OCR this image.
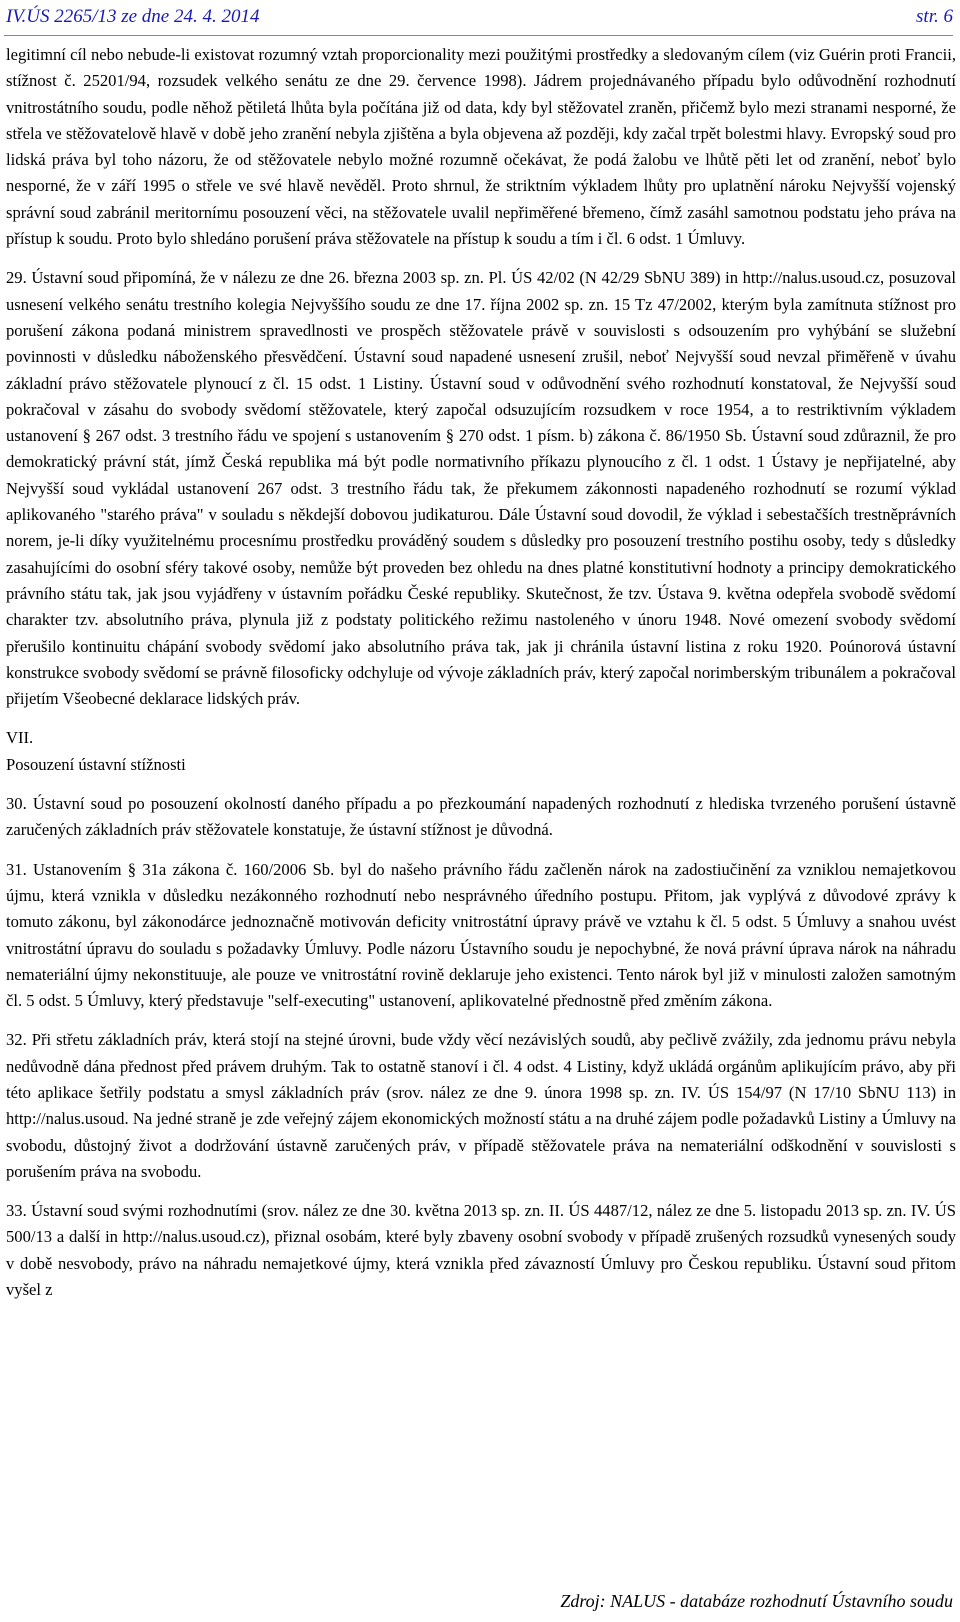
IV.ÚS 2265/13 ze dne 24. 4. 2014	str. 6

legitimní cíl nebo nebude-li existovat rozumný vztah proporcionality mezi použitými prostředky a sledovaným cílem (viz Guérin proti Francii, stížnost č. 25201/94, rozsudek velkého senátu ze dne 29. července 1998). Jádrem projednávaného případu bylo odůvodnění rozhodnutí vnitrostátního soudu, podle něhož pětiletá lhůta byla počítána již od data, kdy byl stěžovatel zraněn, přičemž bylo mezi stranami nesporné, že střela ve stěžovatelově hlavě v době jeho zranění nebyla zjištěna a byla objevena až později, kdy začal trpět bolestmi hlavy. Evropský soud pro lidská práva byl toho názoru, že od stěžovatele nebylo možné rozumně očekávat, že podá žalobu ve lhůtě pěti let od zranění, neboť bylo nesporné, že v září 1995 o střele ve své hlavě nevěděl. Proto shrnul, že striktním výkladem lhůty pro uplatnění nároku Nejvyšší vojenský správní soud zabránil meritornímu posouzení věci, na stěžovatele uvalil nepřiměřené břemeno, čímž zasáhl samotnou podstatu jeho práva na přístup k soudu. Proto bylo shledáno porušení práva stěžovatele na přístup k soudu a tím i čl. 6 odst. 1 Úmluvy.

29. Ústavní soud připomíná, že v nálezu ze dne 26. března 2003 sp. zn. Pl. ÚS 42/02 (N 42/29 SbNU 389) in http://nalus.usoud.cz, posuzoval usnesení velkého senátu trestního kolegia Nejvyššího soudu ze dne 17. října 2002 sp. zn. 15 Tz 47/2002, kterým byla zamítnuta stížnost pro porušení zákona podaná ministrem spravedlnosti ve prospěch stěžovatele právě v souvislosti s odsouzením pro vyhýbání se služební povinnosti v důsledku náboženského přesvědčení. Ústavní soud napadené usnesení zrušil, neboť Nejvyšší soud nevzal přiměřeně v úvahu základní právo stěžovatele plynoucí z čl. 15 odst. 1 Listiny. Ústavní soud v odůvodnění svého rozhodnutí konstatoval, že Nejvyšší soud pokračoval v zásahu do svobody svědomí stěžovatele, který započal odsuzujícím rozsudkem v roce 1954, a to restriktivním výkladem ustanovení § 267 odst. 3 trestního řádu ve spojení s ustanovením § 270 odst. 1 písm. b) zákona č. 86/1950 Sb. Ústavní soud zdůraznil, že pro demokratický právní stát, jímž Česká republika má být podle normativního příkazu plynoucího z čl. 1 odst. 1 Ústavy je nepřijatelné, aby Nejvyšší soud vykládal ustanovení 267 odst. 3 trestního řádu tak, že překumem zákonnosti napadeného rozhodnutí se rozumí výklad aplikovaného "starého práva" v souladu s někdejší dobovou judikaturou. Dále Ústavní soud dovodil, že výklad i sebestačších trestněprávních norem, je-li díky využitelnému procesnímu prostředku prováděný soudem s důsledky pro posouzení trestního postihu osoby, tedy s důsledky zasahujícími do osobní sféry takové osoby, nemůže být proveden bez ohledu na dnes platné konstitutivní hodnoty a principy demokratického právního státu tak, jak jsou vyjádřeny v ústavním pořádku České republiky. Skutečnost, že tzv. Ústava 9. května odepřela svobodě svědomí charakter tzv. absolutního práva, plynula již z podstaty politického režimu nastoleného v únoru 1948. Nové omezení svobody svědomí přerušilo kontinuitu chápání svobody svědomí jako absolutního práva tak, jak ji chránila ústavní listina z roku 1920. Poúnorová ústavní konstrukce svobody svědomí se právně filosoficky odchyluje od vývoje základních práv, který započal norimberským tribunálem a pokračoval přijetím Všeobecné deklarace lidských práv.

VII.

Posouzení ústavní stížnosti

30. Ústavní soud po posouzení okolností daného případu a po přezkoumání napadených rozhodnutí z hlediska tvrzeného porušení ústavně zaručených základních práv stěžovatele konstatuje, že ústavní stížnost je důvodná.

31. Ustanovením § 31a zákona č. 160/2006 Sb. byl do našeho právního řádu začleněn nárok na zadostiučinění za vzniklou nemajetkovou újmu, která vznikla v důsledku nezákonného rozhodnutí nebo nesprávného úředního postupu. Přitom, jak vyplývá z důvodové zprávy k tomuto zákonu, byl zákonodárce jednoznačně motivován deficity vnitrostátní úpravy právě ve vztahu k čl. 5 odst. 5 Úmluvy a snahou uvést vnitrostátní úpravu do souladu s požadavky Úmluvy. Podle názoru Ústavního soudu je nepochybné, že nová právní úprava nárok na náhradu nemateriální újmy nekonstituuje, ale pouze ve vnitrostátní rovině deklaruje jeho existenci. Tento nárok byl již v minulosti založen samotným čl. 5 odst. 5 Úmluvy, který představuje "self-executing" ustanovení, aplikovatelné přednostně před změním zákona.

32. Při střetu základních práv, která stojí na stejné úrovni, bude vždy věcí nezávislých soudů, aby pečlivě zvážily, zda jednomu právu nebyla nedůvodně dána přednost před právem druhým. Tak to ostatně stanoví i čl. 4 odst. 4 Listiny, když ukládá orgánům aplikujícím právo, aby při této aplikace šetřily podstatu a smysl základních práv (srov. nález ze dne 9. února 1998 sp. zn. IV. ÚS 154/97 (N 17/10 SbNU 113) in http://nalus.usoud. Na jedné straně je zde veřejný zájem ekonomických možností státu a na druhé zájem podle požadavků Listiny a Úmluvy na svobodu, důstojný život a dodržování ústavně zaručených práv, v případě stěžovatele práva na nemateriální odškodnění v souvislosti s porušením práva na svobodu.

33. Ústavní soud svými rozhodnutími (srov. nález ze dne 30. května 2013 sp. zn. II. ÚS 4487/12, nález ze dne 5. listopadu 2013 sp. zn. IV. ÚS 500/13 a další in http://nalus.usoud.cz), přiznal osobám, které byly zbaveny osobní svobody v případě zrušených rozsudků vynesených soudy v době nesvobody, právo na náhradu nemajetkové újmy, která vznikla před závazností Úmluvy pro Českou republiku. Ústavní soud přitom vyšel z

Zdroj: NALUS - databáze rozhodnutí Ústavního soudu
